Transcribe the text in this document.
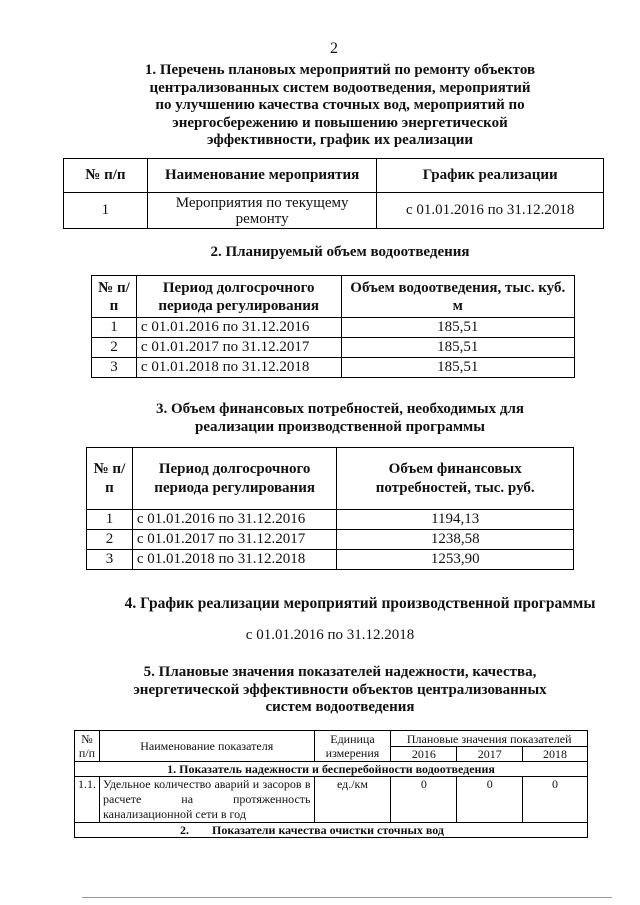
2
1. Перечень плановых мероприятий по ремонту объектов
централизованных систем водоотведения, мероприятий
по улучшению качества сточных вод, мероприятий по
энергосбережению и повышению энергетической
эффективности, график их реализации
№ п/п	Наименование мероприятия	График реализации
1	Мероприятия по текущему ремонту	с 01.01.2016 по 31.12.2018
2. Планируемый объем водоотведения
№ п/п	Период долгосрочного периода регулирования	Объем водоотведения, тыс. куб. м
1	с 01.01.2016 по 31.12.2016	185,51
2	с 01.01.2017 по 31.12.2017	185,51
3	с 01.01.2018 по 31.12.2018	185,51
3. Объем финансовых потребностей, необходимых для
реализации производственной программы
№ п/п	Период долгосрочного периода регулирования	Объем финансовых потребностей, тыс. руб.
1	с 01.01.2016 по 31.12.2016	1194,13
2	с 01.01.2017 по 31.12.2017	1238,58
3	с 01.01.2018 по 31.12.2018	1253,90
4. График реализации мероприятий производственной программы
с 01.01.2016 по 31.12.2018
5. Плановые значения показателей надежности, качества,
энергетической эффективности объектов централизованных
систем водоотведения
№ п/п	Наименование показателя	Единица измерения	Плановые значения показателей		
			2016	2017	2018
1. Показатель надежности и бесперебойности водоотведения					
1.1.	Удельное количество аварий и засоров в расчете на протяженность канализационной сети в год	ед./км	0	0	0
2. Показатели качества очистки сточных вод					
